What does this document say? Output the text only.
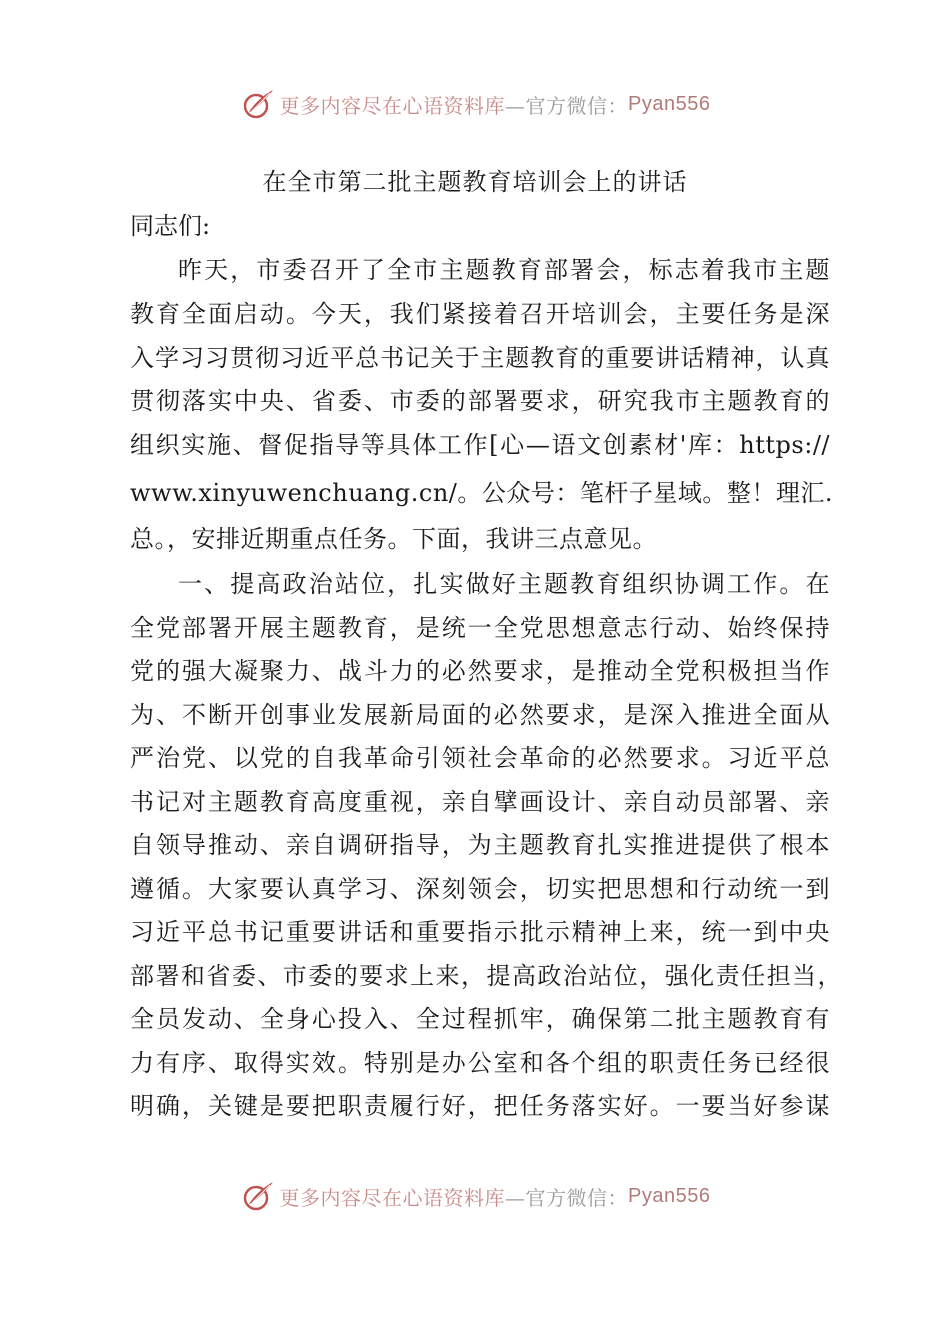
更多内容尽在心语资料库 —官方微信： Pyan556
在全市第二批主题教育培训会上的讲话
同志们:
昨天，市委召开了全市主题教育部署会，标志着我市主题
教育全面启动。今天，我们紧接着召开培训会，主要任务是深
入学习习贯彻习近平总书记关于主题教育的重要讲话精神，认真
贯彻落实中央、省委、市委的部署要求，研究我市主题教育的
组织实施、督促指导等具体工作[心—语文创素材'库：https://
www.xinyuwenchuang.cn/。公众号：笔杆子星域。整！理汇.
总。，安排近期重点任务。下面，我讲三点意见。
一、提高政治站位，扎实做好主题教育组织协调工作。在
全党部署开展主题教育，是统一全党思想意志行动、始终保持
党的强大凝聚力、战斗力的必然要求，是推动全党积极担当作
为、不断开创事业发展新局面的必然要求，是深入推进全面从
严治党、以党的自我革命引领社会革命的必然要求。习近平总
书记对主题教育高度重视，亲自擘画设计、亲自动员部署、亲
自领导推动、亲自调研指导，为主题教育扎实推进提供了根本
遵循。大家要认真学习、深刻领会，切实把思想和行动统一到
习近平总书记重要讲话和重要指示批示精神上来，统一到中央
部署和省委、市委的要求上来，提高政治站位，强化责任担当，
全员发动、全身心投入、全过程抓牢，确保第二批主题教育有
力有序、取得实效。特别是办公室和各个组的职责任务已经很
明确，关键是要把职责履行好，把任务落实好。一要当好参谋
更多内容尽在心语资料库 —官方微信： Pyan556
